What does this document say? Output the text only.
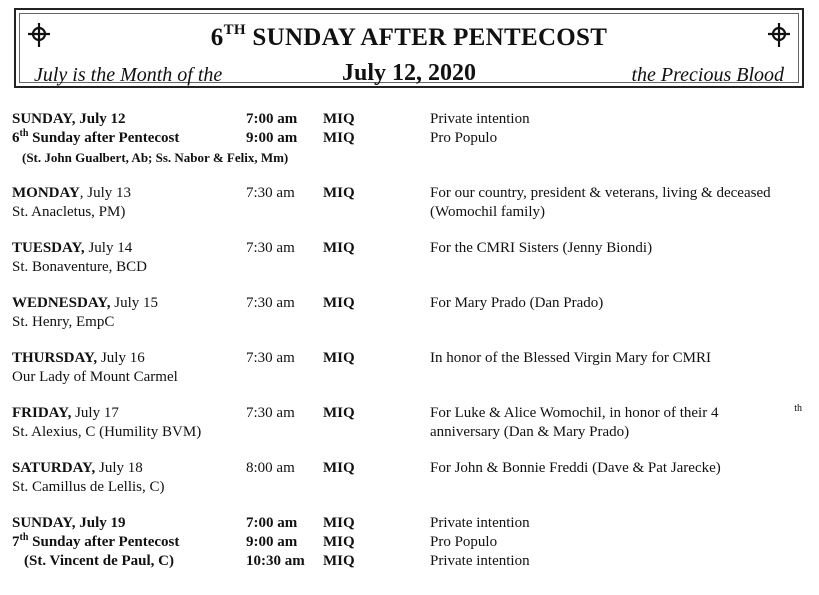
6TH SUNDAY AFTER PENTECOST
July is the Month of the	July 12, 2020	the Precious Blood
SUNDAY, July 12	7:00 am MIQ	Private intention
6th Sunday after Pentecost	9:00 am MIQ	Pro Populo
(St. John Gualbert, Ab; Ss. Nabor & Felix, Mm)
MONDAY, July 13	7:30 am MIQ	For our country, president & veterans, living & deceased
St. Anacletus, PM)	(Womochil family)
TUESDAY, July 14	7:30 am MIQ	For the CMRI Sisters (Jenny Biondi)
St. Bonaventure, BCD
WEDNESDAY, July 15	7:30 am MIQ	For Mary Prado (Dan Prado)
St. Henry, EmpC
THURSDAY, July 16	7:30 am MIQ	In honor of the Blessed Virgin Mary for CMRI
Our Lady of Mount Carmel
FRIDAY, July 17	7:30 am MIQ	For Luke & Alice Womochil, in honor of their 4	th
St. Alexius, C (Humility BVM)	anniversary (Dan & Mary Prado)
SATURDAY, July 18	8:00 am MIQ	For John & Bonnie Freddi (Dave & Pat Jarecke)
St. Camillus de Lellis, C)
SUNDAY, July 19	7:00 am MIQ	Private intention
7th Sunday after Pentecost	9:00 am MIQ	Pro Populo
(St. Vincent de Paul, C)	10:30 am MIQ	Private intention
